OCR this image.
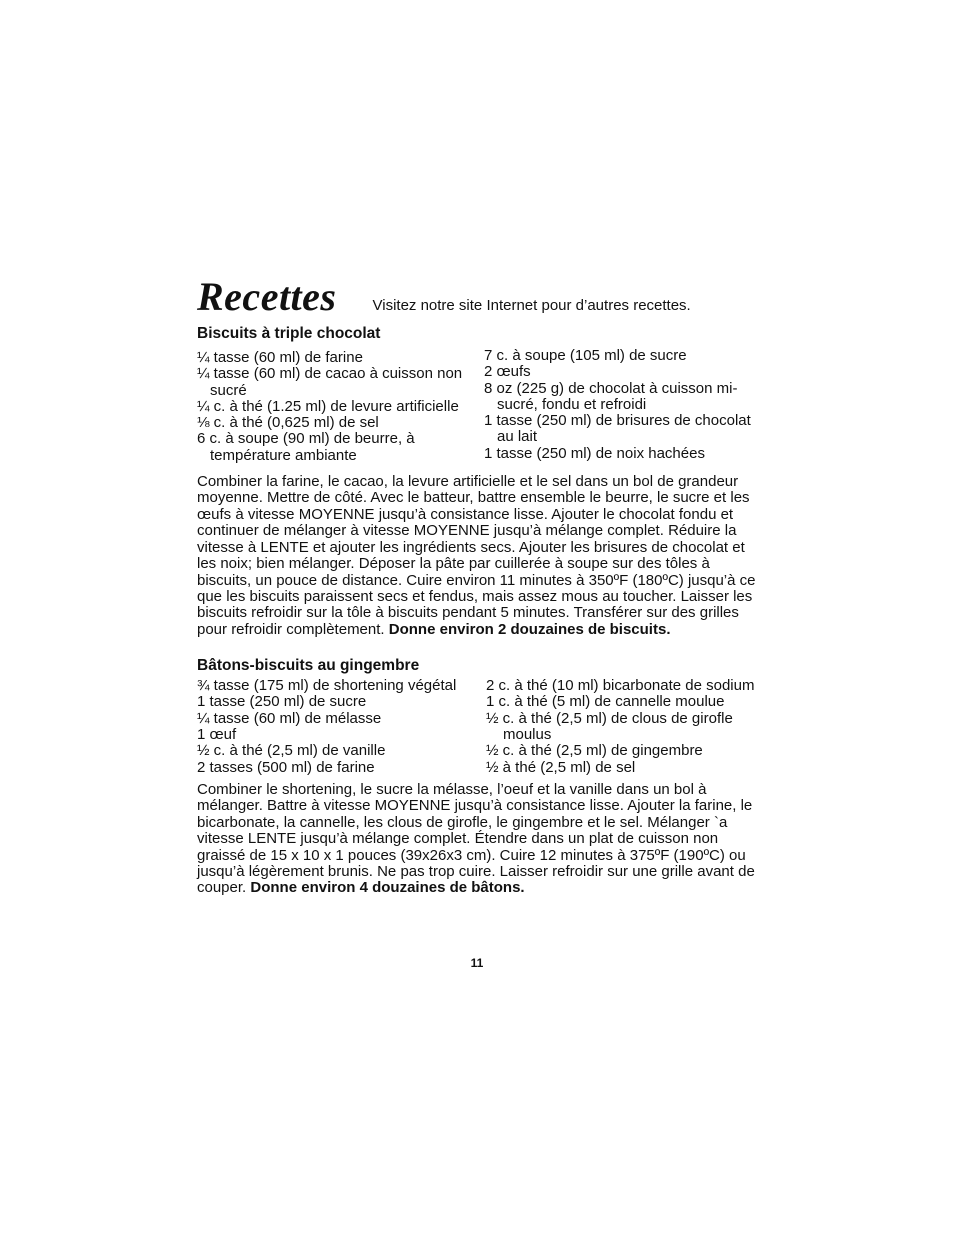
Recettes Visitez notre site Internet pour d’autres recettes.
Biscuits à triple chocolat
¼ tasse (60 ml) de farine
¼ tasse (60 ml) de cacao à cuisson non sucré
¼ c. à thé (1.25 ml) de levure artificielle
⅛ c. à thé (0,625 ml) de sel
6 c. à soupe (90 ml) de beurre, à température ambiante
7 c. à soupe (105 ml) de sucre
2 œufs
8 oz (225 g) de chocolat à cuisson mi-sucré, fondu et refroidi
1 tasse (250 ml) de brisures de chocolat au lait
1 tasse (250 ml) de noix hachées

Combiner la farine, le cacao, la levure artificielle et le sel dans un bol de grandeur moyenne. Mettre de côté. Avec le batteur, battre ensemble le beurre, le sucre et les œufs à vitesse MOYENNE jusqu’à consistance lisse. Ajouter le chocolat fondu et continuer de mélanger à vitesse MOYENNE jusqu’à mélange complet. Réduire la vitesse à LENTE et ajouter les ingrédients secs. Ajouter les brisures de chocolat et les noix; bien mélanger. Déposer la pâte par cuillerée à soupe sur des tôles à biscuits, un pouce de distance. Cuire environ 11 minutes à 350ºF (180ºC) jusqu’à ce que les biscuits paraissent secs et fendus, mais assez mous au toucher. Laisser les biscuits refroidir sur la tôle à biscuits pendant 5 minutes. Transférer sur des grilles pour refroidir complètement. Donne environ 2 douzaines de biscuits.

Bâtons-biscuits au gingembre
¾ tasse (175 ml) de shortening végétal
1 tasse (250 ml) de sucre
¼ tasse (60 ml) de mélasse
1 œuf
½ c. à thé (2,5 ml) de vanille
2 tasses (500 ml) de farine
2 c. à thé (10 ml) bicarbonate de sodium
1 c. à thé (5 ml) de cannelle moulue
½ c. à thé (2,5 ml) de clous de girofle moulus
½ c. à thé (2,5 ml) de gingembre
½ à thé (2,5 ml) de sel

Combiner le shortening, le sucre la mélasse, l’oeuf et la vanille dans un bol à mélanger. Battre à vitesse MOYENNE jusqu’à consistance lisse. Ajouter la farine, le bicarbonate, la cannelle, les clous de girofle, le gingembre et le sel. Mélanger `a vitesse LENTE jusqu’à mélange complet. Étendre dans un plat de cuisson non graissé de 15 x 10 x 1 pouces (39x26x3 cm). Cuire 12 minutes à 375ºF (190ºC) ou jusqu’à légèrement brunis. Ne pas trop cuire. Laisser refroidir sur une grille avant de couper. Donne environ 4 douzaines de bâtons.

11
